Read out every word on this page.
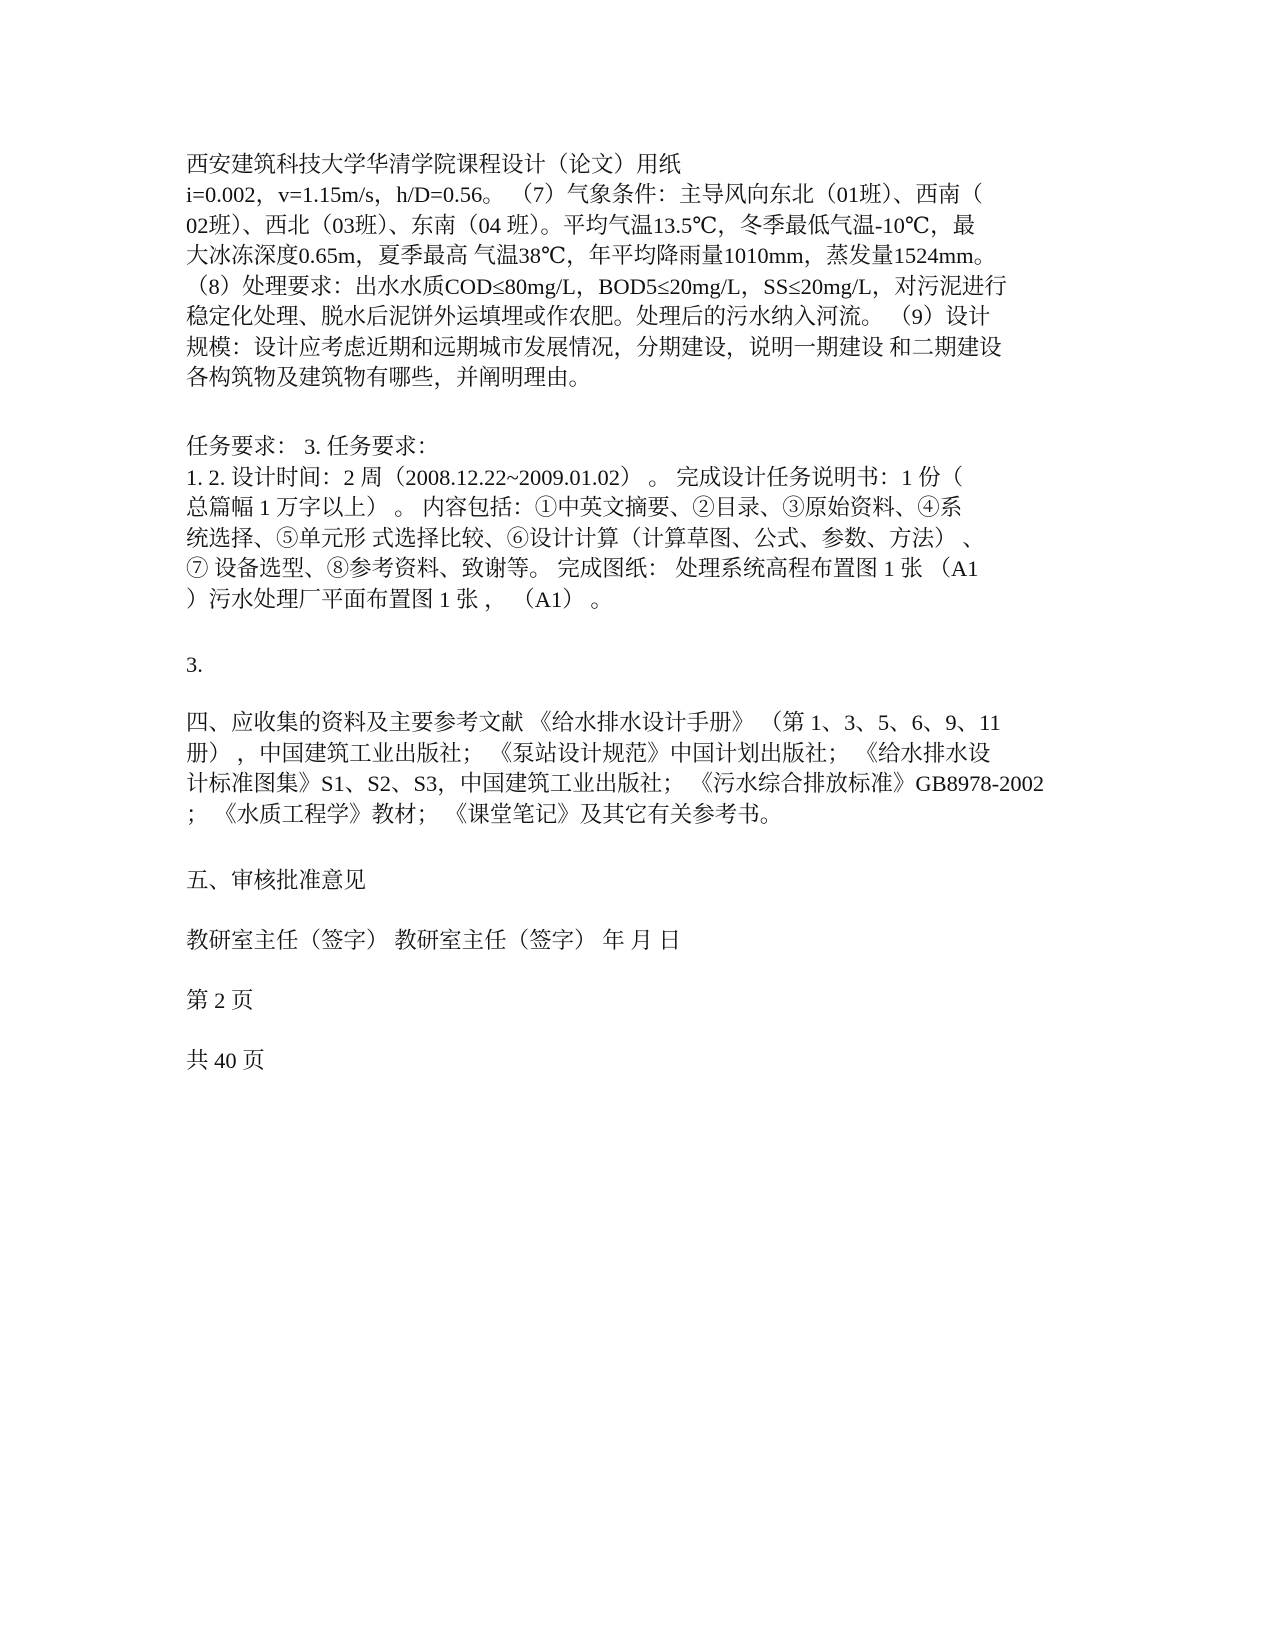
西安建筑科技大学华清学院课程设计（论文）用纸

i=0.002，v=1.15m/s，h/D=0.56。 （7）气象条件：主导风向东北（01班）、西南（
02班）、西北（03班）、东南（04 班）。平均气温13.5℃，冬季最低气温-10℃，最
大冰冻深度0.65m，夏季最高 气温38℃，年平均降雨量1010mm，蒸发量1524mm。
（8）处理要求：出水水质COD≤80mg/L，BOD5≤20mg/L，SS≤20mg/L，对污泥进行
稳定化处理、脱水后泥饼外运填埋或作农肥。处理后的污水纳入河流。 （9）设计
规模：设计应考虑近期和远期城市发展情况，分期建设，说明一期建设 和二期建设
各构筑物及建筑物有哪些，并阐明理由。

任务要求： 3. 任务要求：
1. 2. 设计时间：2 周（2008.12.22~2009.01.02） 。 完成设计任务说明书：1 份（
总篇幅 1 万字以上） 。 内容包括：①中英文摘要、②目录、③原始资料、④系
统选择、⑤单元形 式选择比较、⑥设计计算（计算草图、公式、参数、方法） 、
⑦ 设备选型、⑧参考资料、致谢等。 完成图纸： 处理系统高程布置图 1 张 （A1
）污水处理厂平面布置图 1 张 ， （A1） 。

3.

四、应收集的资料及主要参考文献 《给水排水设计手册》 （第 1、3、5、6、9、11
册） ，中国建筑工业出版社； 《泵站设计规范》中国计划出版社； 《给水排水设
计标准图集》S1、S2、S3，中国建筑工业出版社； 《污水综合排放标准》GB8978-2002
； 《水质工程学》教材； 《课堂笔记》及其它有关参考书。

五、审核批准意见

教研室主任（签字） 教研室主任（签字） 年 月 日

第 2 页

共 40 页
